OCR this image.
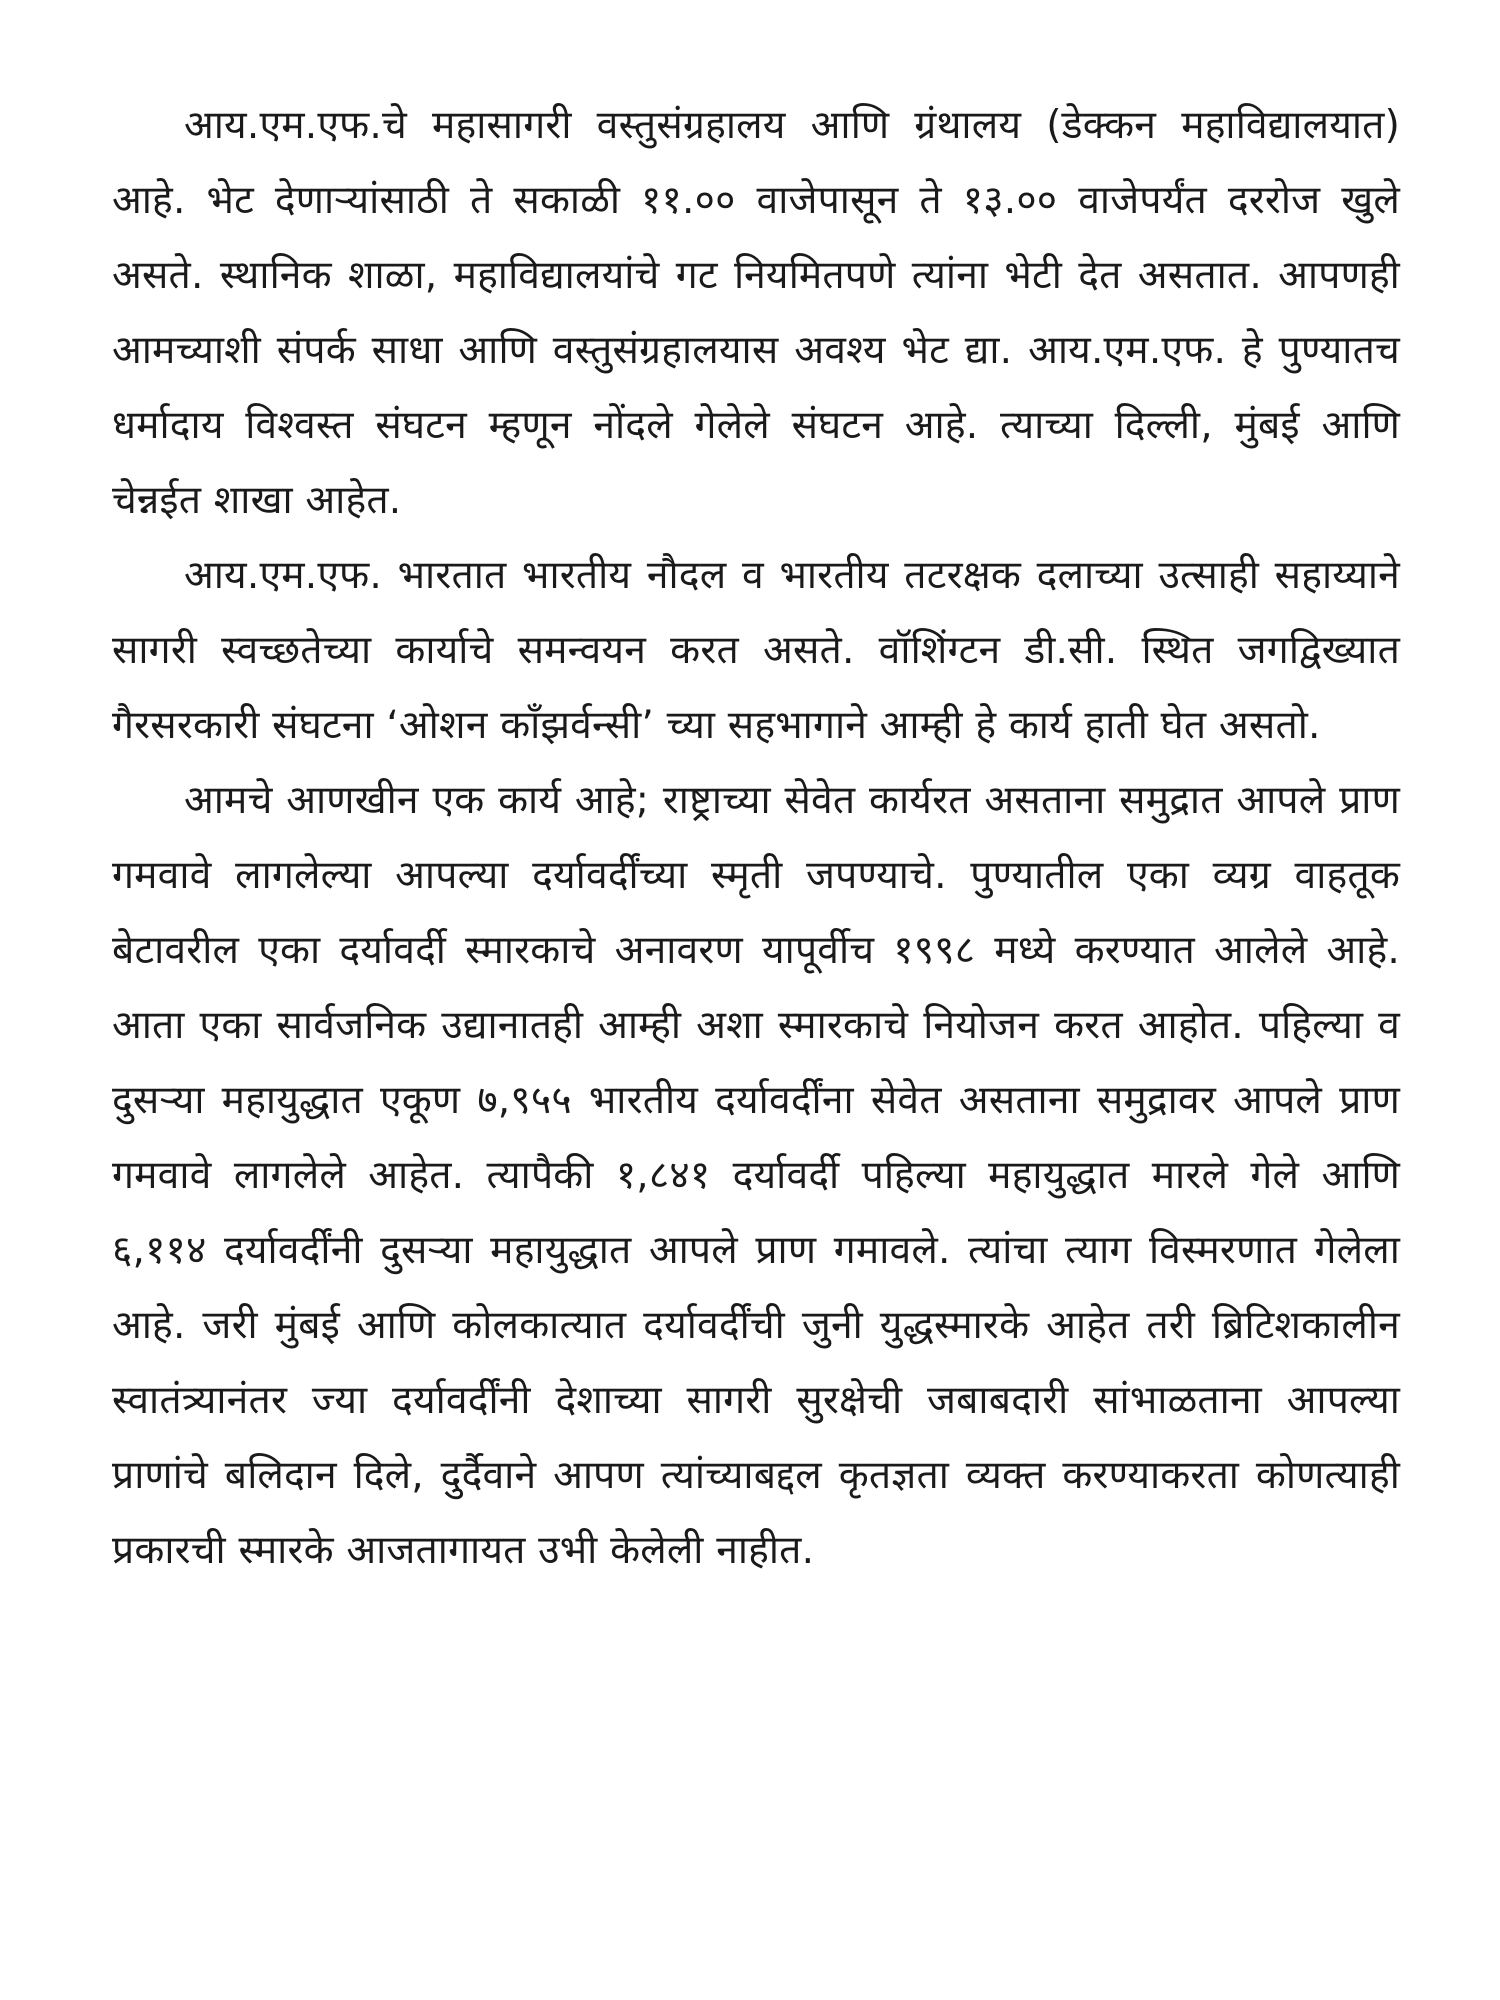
आय.एम.एफ.चे महासागरी वस्तुसंग्रहालय आणि ग्रंथालय (डेक्कन महाविद्यालयात) आहे. भेट देणाऱ्यांसाठी ते सकाळी ११.०० वाजेपासून ते १३.०० वाजेपर्यंत दररोज खुले असते. स्थानिक शाळा, महाविद्यालयांचे गट नियमितपणे त्यांना भेटी देत असतात. आपणही आमच्याशी संपर्क साधा आणि वस्तुसंग्रहालयास अवश्य भेट द्या. आय.एम.एफ. हे पुण्यातच धर्मादाय विश्वस्त संघटन म्हणून नोंदले गेलेले संघटन आहे. त्याच्या दिल्ली, मुंबई आणि चेन्नईत शाखा आहेत.

आय.एम.एफ. भारतात भारतीय नौदल व भारतीय तटरक्षक दलाच्या उत्साही सहाय्याने सागरी स्वच्छतेच्या कार्याचे समन्वयन करत असते. वॉशिंग्टन डी.सी. स्थित जगद्विख्यात गैरसरकारी संघटना ‘ओशन कॉंझर्वन्सी’ च्या सहभागाने आम्ही हे कार्य हाती घेत असतो.

आमचे आणखीन एक कार्य आहे; राष्ट्राच्या सेवेत कार्यरत असताना समुद्रात आपले प्राण गमवावे लागलेल्या आपल्या दर्यावर्दींच्या स्मृती जपण्याचे. पुण्यातील एका व्यग्र वाहतूक बेटावरील एका दर्यावर्दी स्मारकाचे अनावरण यापूर्वीच १९९८ मध्ये करण्यात आलेले आहे. आता एका सार्वजनिक उद्यानातही आम्ही अशा स्मारकाचे नियोजन करत आहोत. पहिल्या व दुसऱ्या महायुद्धात एकूण ७,९५५ भारतीय दर्यावर्दींना सेवेत असताना समुद्रावर आपले प्राण गमवावे लागलेले आहेत. त्यापैकी १,८४१ दर्यावर्दी पहिल्या महायुद्धात मारले गेले आणि ६,११४ दर्यावर्दींनी दुसऱ्या महायुद्धात आपले प्राण गमावले. त्यांचा त्याग विस्मरणात गेलेला आहे. जरी मुंबई आणि कोलकात्यात दर्यावर्दींची जुनी युद्धस्मारके आहेत तरी ब्रिटिशकालीन स्वातंत्र्यानंतर ज्या दर्यावर्दींनी देशाच्या सागरी सुरक्षेची जबाबदारी सांभाळताना आपल्या प्राणांचे बलिदान दिले, दुर्दैवाने आपण त्यांच्याबद्दल कृतज्ञता व्यक्त करण्याकरता कोणत्याही प्रकारची स्मारके आजतागायत उभी केलेली नाहीत.
